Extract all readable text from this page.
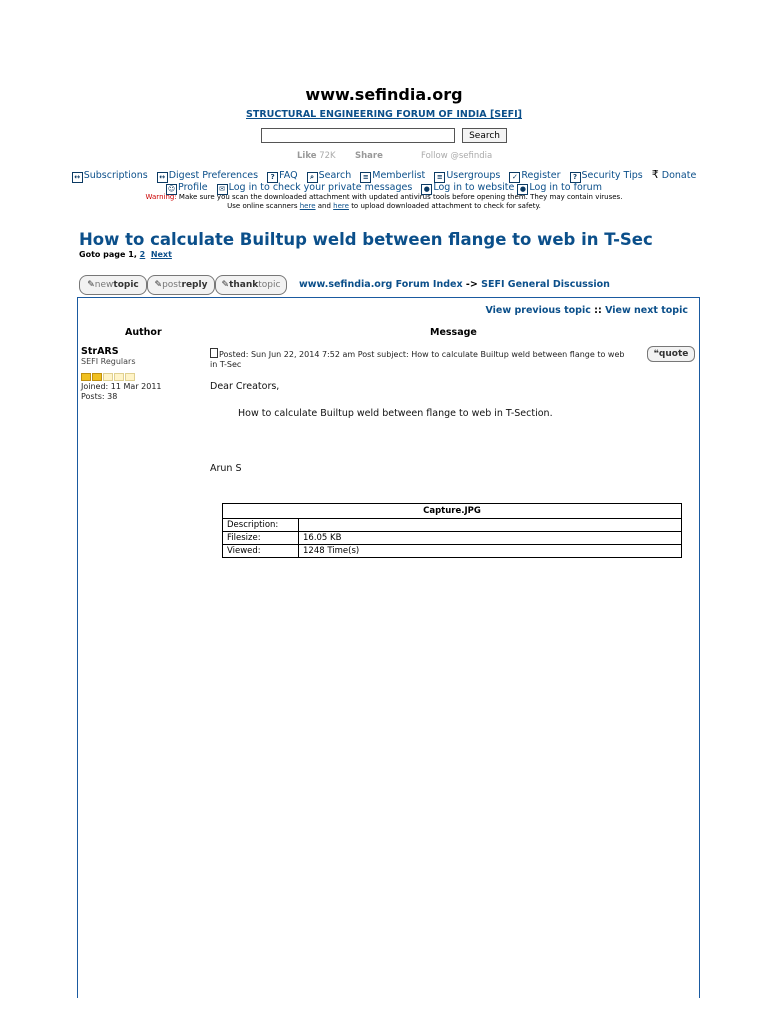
www.sefindia.org
STRUCTURAL ENGINEERING FORUM OF INDIA [SEFI]
Search
Like 72K Share	Follow @sefindia
↔ Subscriptions ↔ Digest Preferences ? FAQ ⌕ Search ≡ Memberlist ≡ Usergroups ✓ Register ? Security Tips ₹ Donate
☺ Profile ✉ Log in to check your private messages ● Log in to website ● Log in to forum
Warning: Make sure you scan the downloaded attachment with updated antivirus tools before opening them. They may contain viruses.
Use online scanners here and here to upload downloaded attachment to check for safety.
How to calculate Builtup weld between flange to web in T-Sec
Goto page 1, 2 Next
✎newtopic	✎postreply	✎thanktopic	www.sefindia.org Forum Index -> SEFI General Discussion
View previous topic :: View next topic
Author	Message
StrARS
SEFI Regulars
Joined: 11 Mar 2011
Posts: 38
Posted: Sun Jun 22, 2014 7:52 am Post subject: How to calculate Builtup weld between flange to web
in T-Sec
❝quote
Dear Creators,
How to calculate Builtup weld between flange to web in T-Section.
Arun S
Capture.JPG	
Description:	
Filesize:	16.05 KB
Viewed:	1248 Time(s)
